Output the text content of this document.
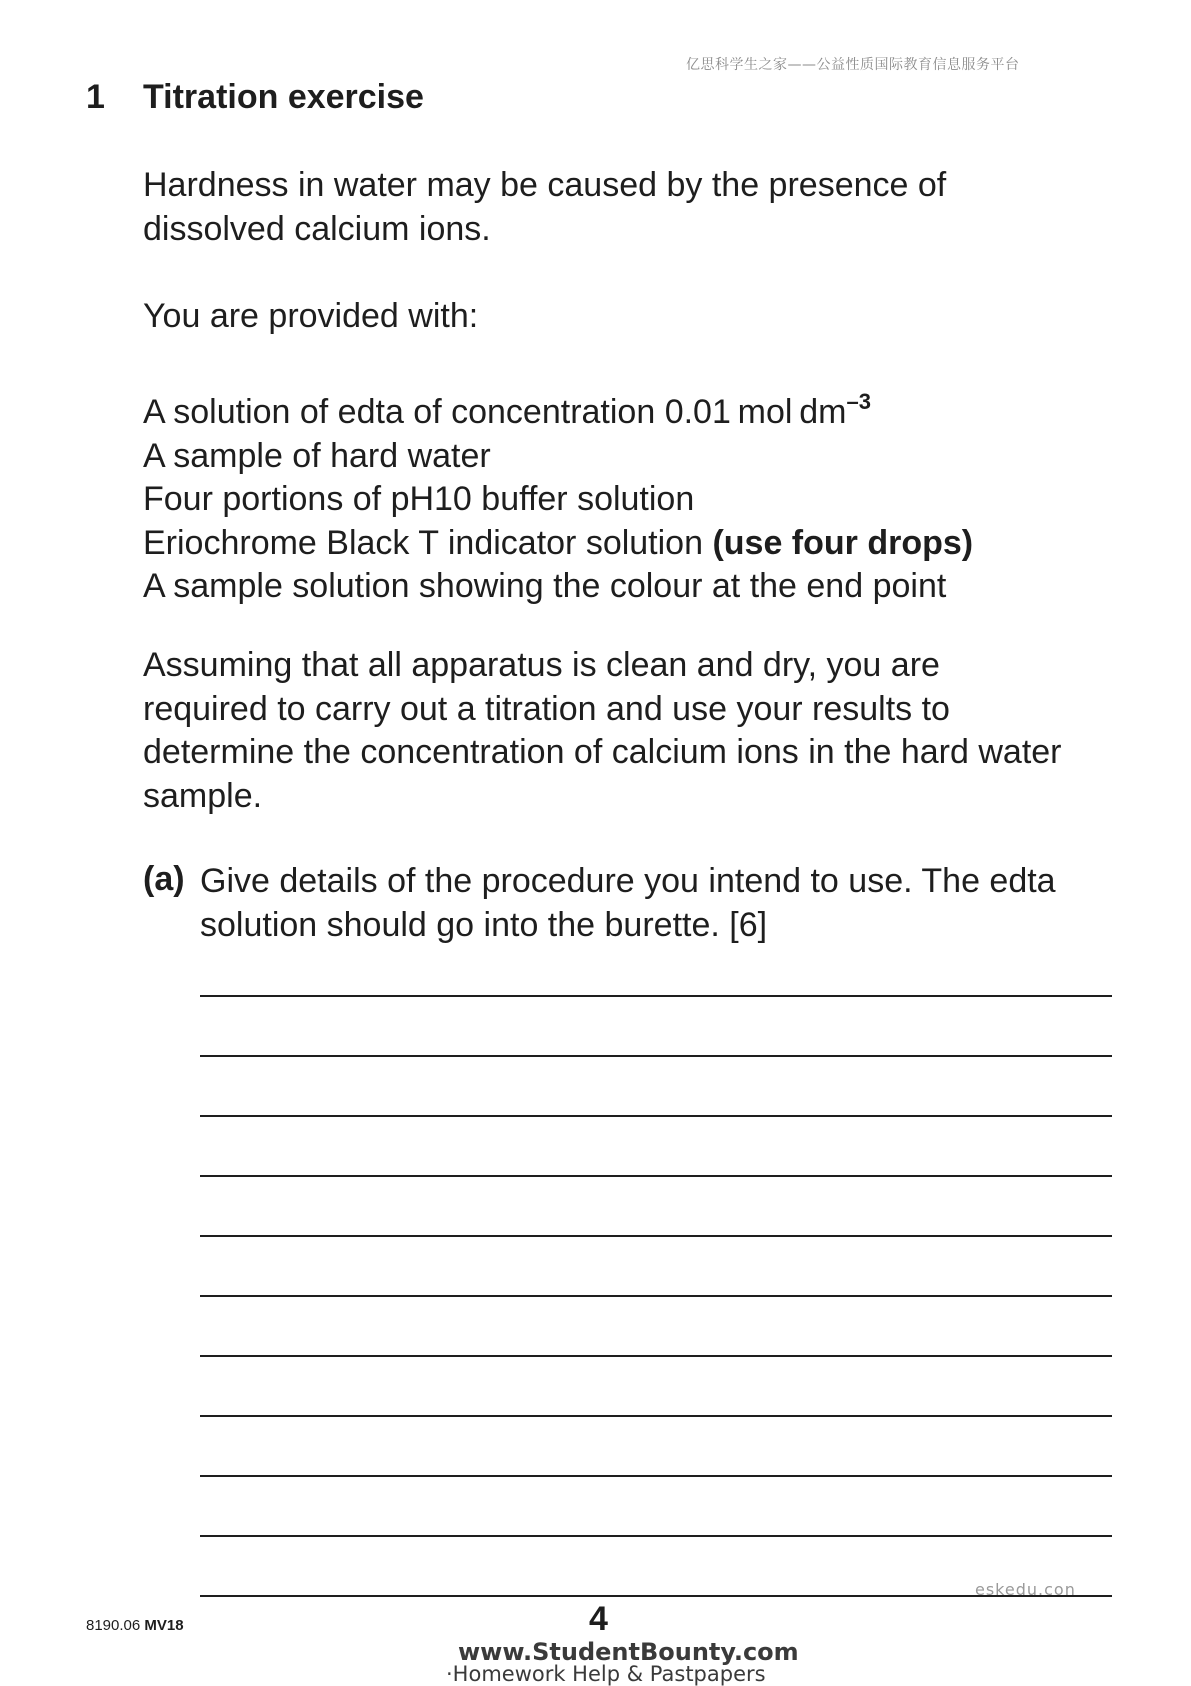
亿思科学生之家——公益性质国际教育信息服务平台
1 Titration exercise
Hardness in water may be caused by the presence of dissolved calcium ions.
You are provided with:
A solution of edta of concentration 0.01 mol $dm^{-3}$
A sample of hard water
Four portions of pH10 buffer solution
Eriochrome Black T indicator solution (use four drops)
A sample solution showing the colour at the end point
Assuming that all apparatus is clean and dry, you are required to carry out a titration and use your results to determine the concentration of calcium ions in the hard water sample.
(a) Give details of the procedure you intend to use. The edta solution should go into the burette. [6]
eskedu.con
8190.06 MV18	4
www.StudentBounty.com
·Homework Help & Pastpapers
